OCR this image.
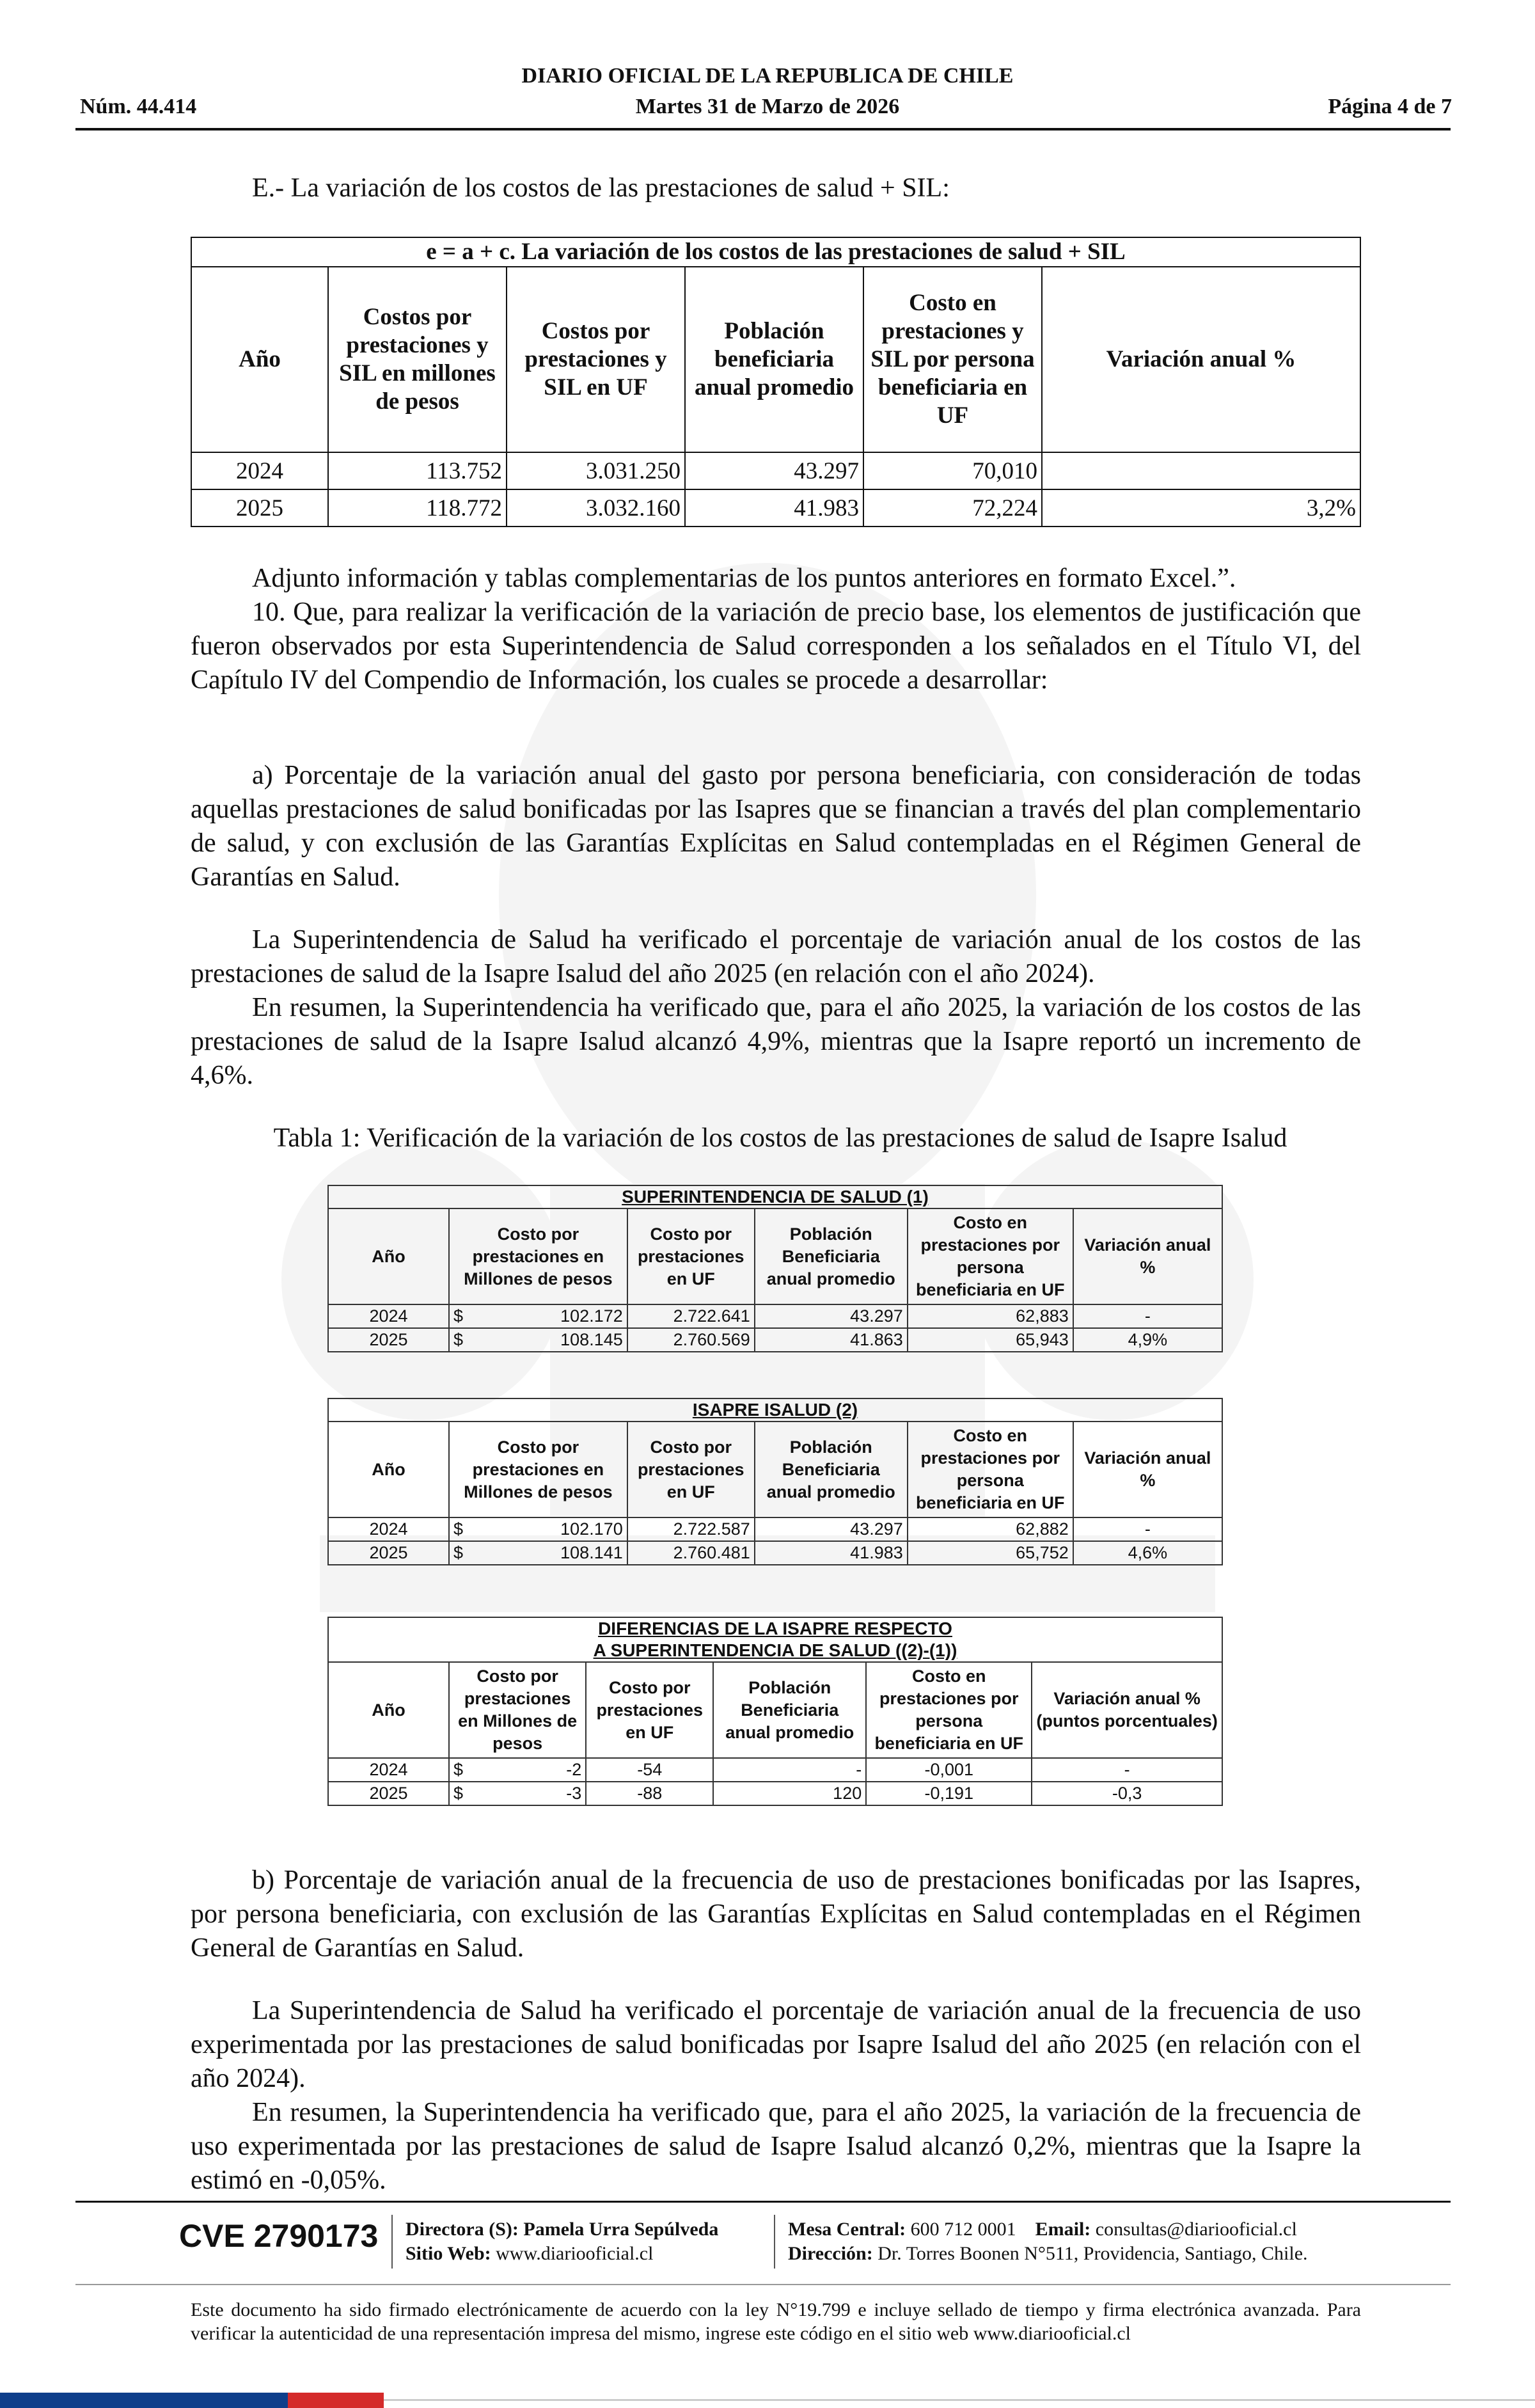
DIARIO OFICIAL DE LA REPUBLICA DE CHILE
Martes 31 de Marzo de 2026
Núm. 44.414	Página 4 de 7
E.- La variación de los costos de las prestaciones de salud + SIL:
e = a + c. La variación de los costos de las prestaciones de salud + SIL					
Año	Costos por prestaciones y SIL en millones de pesos	Costos por prestaciones y SIL en UF	Población beneficiaria anual promedio	Costo en prestaciones y SIL por persona beneficiaria en UF	Variación anual %
2024	113.752	3.031.250	43.297	70,010	
2025	118.772	3.032.160	41.983	72,224	3,2%
Adjunto información y tablas complementarias de los puntos anteriores en formato Excel.”.
10. Que, para realizar la verificación de la variación de precio base, los elementos de justificación que fueron observados por esta Superintendencia de Salud corresponden a los señalados en el Título VI, del Capítulo IV del Compendio de Información, los cuales se procede a desarrollar:
a) Porcentaje de la variación anual del gasto por persona beneficiaria, con consideración de todas aquellas prestaciones de salud bonificadas por las Isapres que se financian a través del plan complementario de salud, y con exclusión de las Garantías Explícitas en Salud contempladas en el Régimen General de Garantías en Salud.
La Superintendencia de Salud ha verificado el porcentaje de variación anual de los costos de las prestaciones de salud de la Isapre Isalud del año 2025 (en relación con el año 2024).
En resumen, la Superintendencia ha verificado que, para el año 2025, la variación de los costos de las prestaciones de salud de la Isapre Isalud alcanzó 4,9%, mientras que la Isapre reportó un incremento de 4,6%.
Tabla 1: Verificación de la variación de los costos de las prestaciones de salud de Isapre Isalud
SUPERINTENDENCIA DE SALUD (1)					
Año	Costo por prestaciones en Millones de pesos	Costo por prestaciones en UF	Población Beneficiaria anual promedio	Costo en prestaciones por persona beneficiaria en UF	Variación anual %
2024	$ 102.172	2.722.641	43.297	62,883	-
2025	$ 108.145	2.760.569	41.863	65,943	4,9%
ISAPRE ISALUD (2)					
Año	Costo por prestaciones en Millones de pesos	Costo por prestaciones en UF	Población Beneficiaria anual promedio	Costo en prestaciones por persona beneficiaria en UF	Variación anual %
2024	$ 102.170	2.722.587	43.297	62,882	-
2025	$ 108.141	2.760.481	41.983	65,752	4,6%
DIFERENCIAS DE LA ISAPRE RESPECTO
A SUPERINTENDENCIA DE SALUD ((2)-(1))					
Año	Costo por prestaciones en Millones de pesos	Costo por prestaciones en UF	Población Beneficiaria anual promedio	Costo en prestaciones por persona beneficiaria en UF	Variación anual % (puntos porcentuales)
2024	$ -2	-54	-	-0,001	-
2025	$ -3	-88	120	-0,191	-0,3
b) Porcentaje de variación anual de la frecuencia de uso de prestaciones bonificadas por las Isapres, por persona beneficiaria, con exclusión de las Garantías Explícitas en Salud contempladas en el Régimen General de Garantías en Salud.
La Superintendencia de Salud ha verificado el porcentaje de variación anual de la frecuencia de uso experimentada por las prestaciones de salud bonificadas por Isapre Isalud del año 2025 (en relación con el año 2024).
En resumen, la Superintendencia ha verificado que, para el año 2025, la variación de la frecuencia de uso experimentada por las prestaciones de salud de Isapre Isalud alcanzó 0,2%, mientras que la Isapre la estimó en -0,05%.
CVE 2790173 Directora (S): Pamela Urra Sepúlveda
Sitio Web: www.diariooficial.cl
Mesa Central: 600 712 0001 Email: consultas@diariooficial.cl
Dirección: Dr. Torres Boonen N°511, Providencia, Santiago, Chile.
Este documento ha sido firmado electrónicamente de acuerdo con la ley N°19.799 e incluye sellado de tiempo y firma electrónica avanzada. Para verificar la autenticidad de una representación impresa del mismo, ingrese este código en el sitio web www.diariooficial.cl
